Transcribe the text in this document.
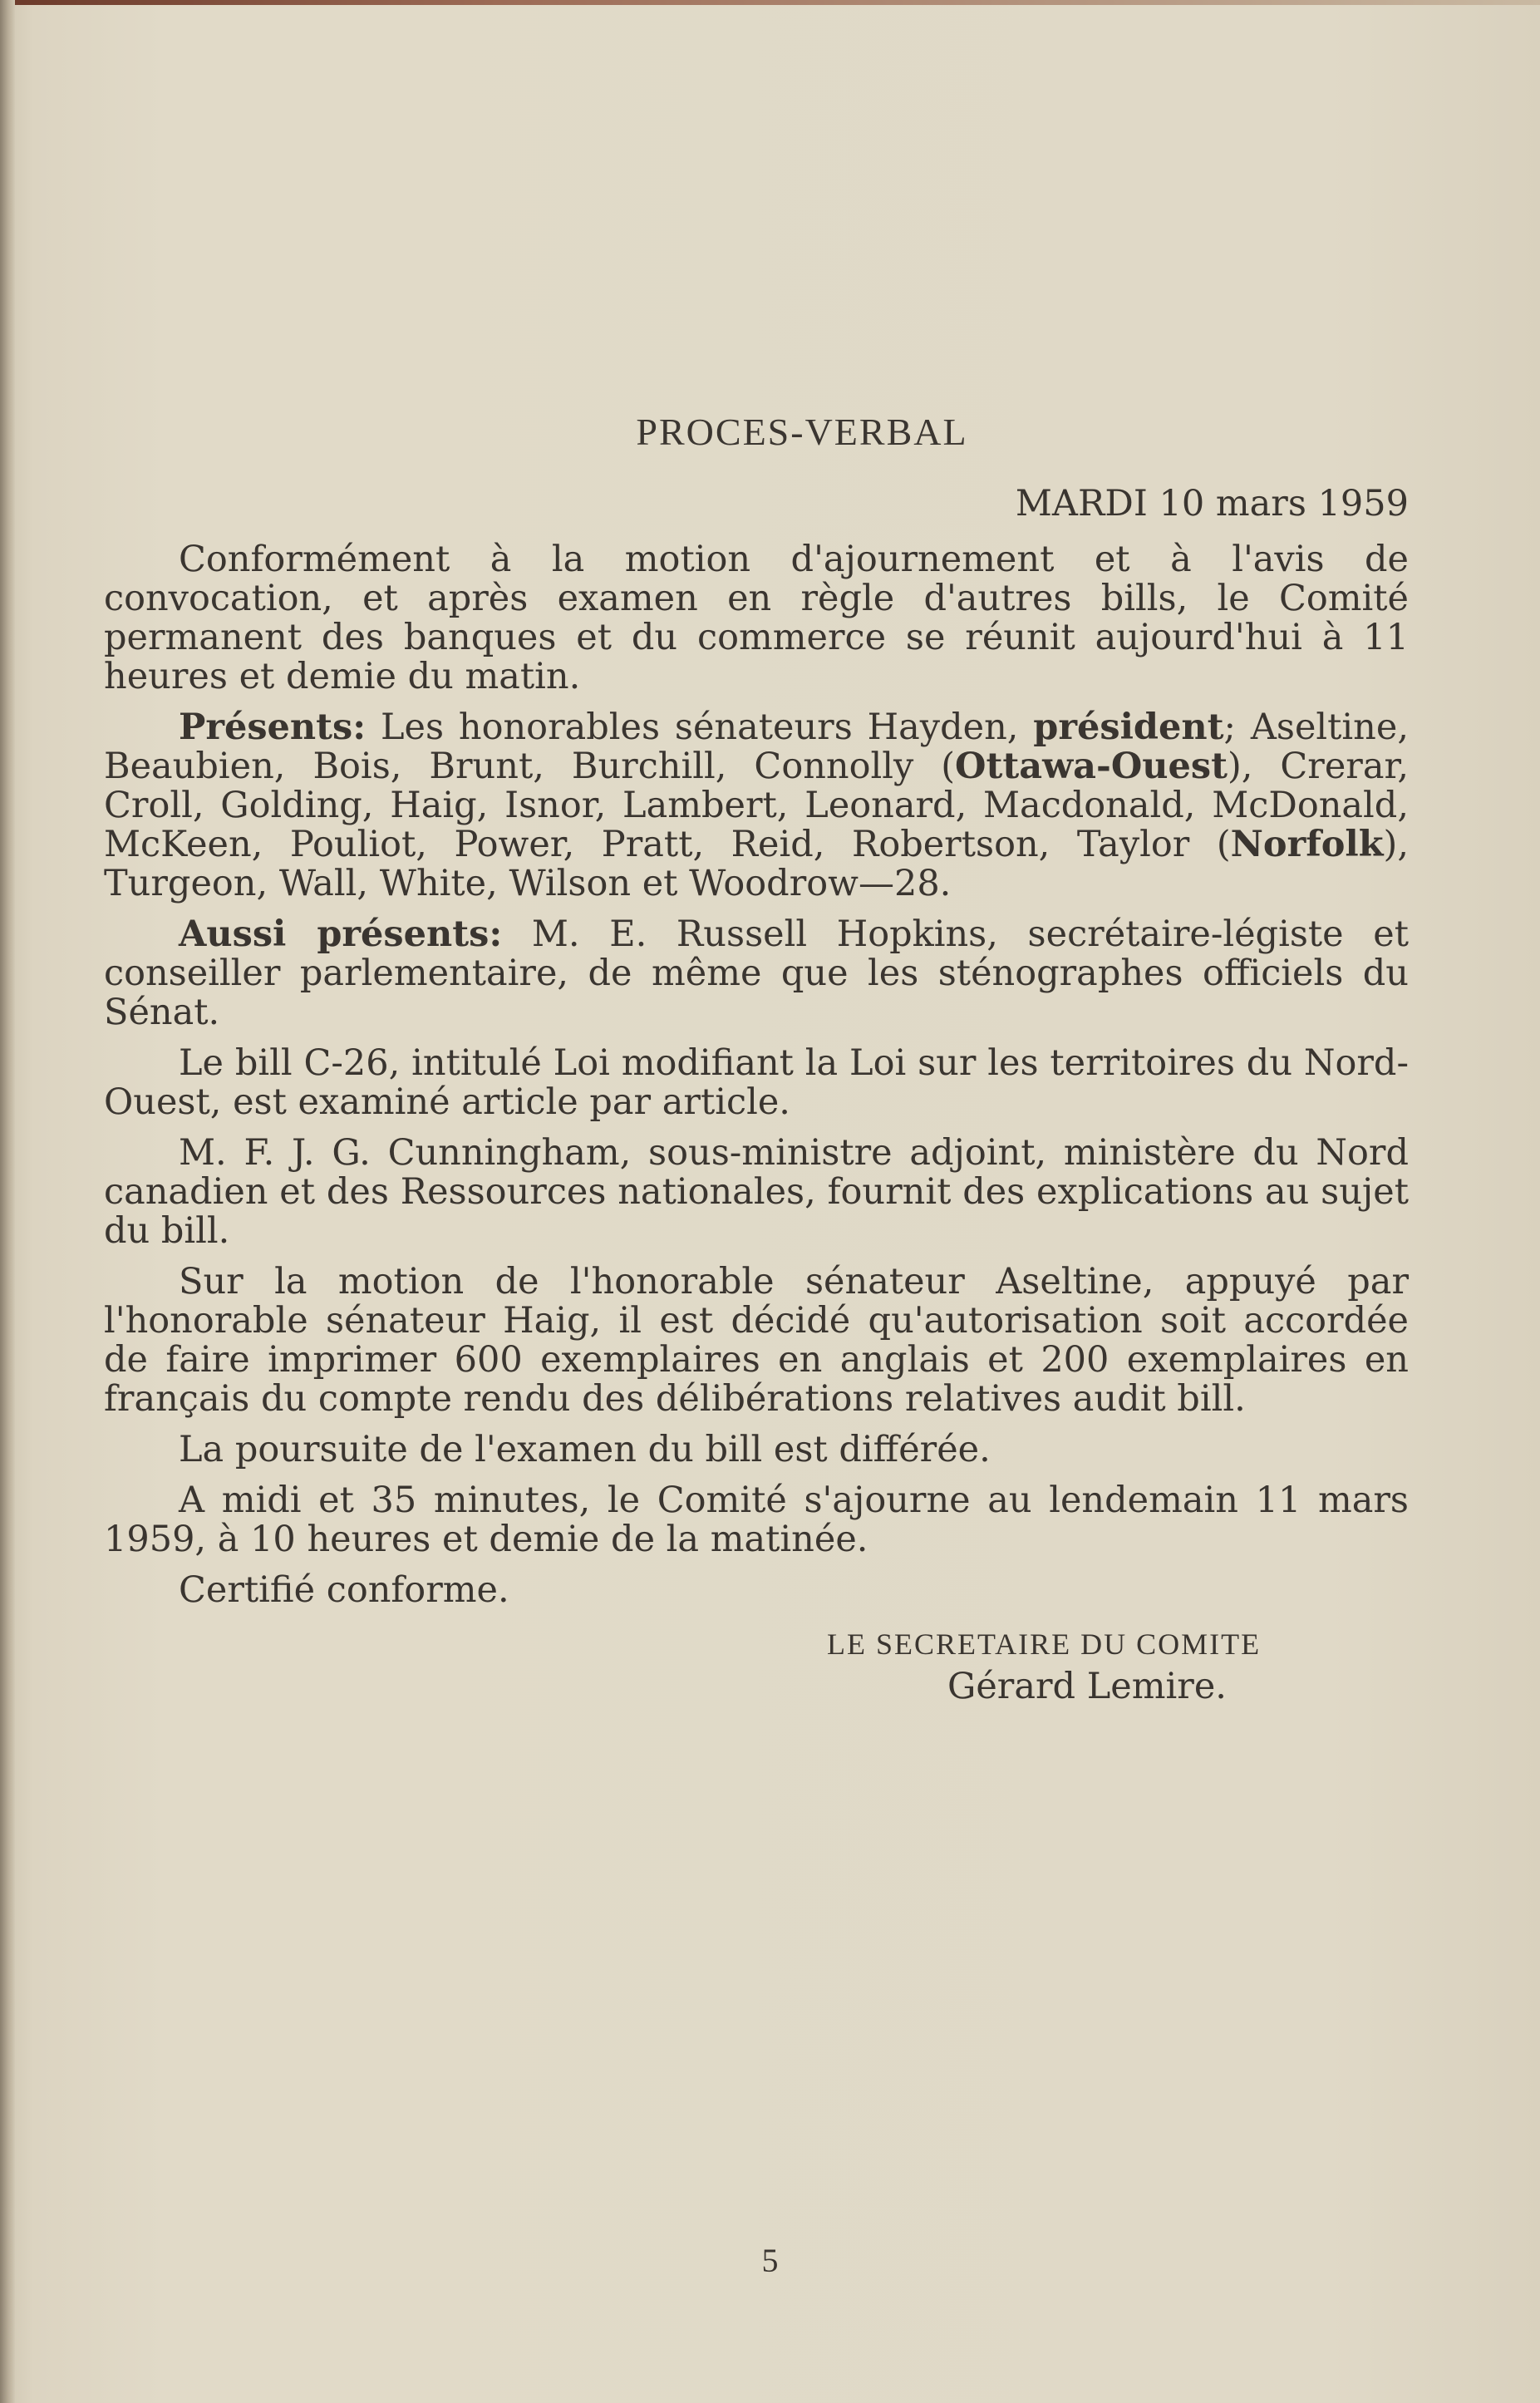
PROCES-VERBAL
MARDI 10 mars 1959

Conformément à la motion d'ajournement et à l'avis de convocation, et après examen en règle d'autres bills, le Comité permanent des banques et du commerce se réunit aujourd'hui à 11 heures et demie du matin.

Présents: Les honorables sénateurs Hayden, président; Aseltine, Beaubien, Bois, Brunt, Burchill, Connolly (Ottawa-Ouest), Crerar, Croll, Golding, Haig, Isnor, Lambert, Leonard, Macdonald, McDonald, McKeen, Pouliot, Power, Pratt, Reid, Robertson, Taylor (Norfolk), Turgeon, Wall, White, Wilson et Woodrow—28.

Aussi présents: M. E. Russell Hopkins, secrétaire-légiste et conseiller parlementaire, de même que les sténographes officiels du Sénat.

Le bill C-26, intitulé Loi modifiant la Loi sur les territoires du Nord-Ouest, est examiné article par article.

M. F. J. G. Cunningham, sous-ministre adjoint, ministère du Nord canadien et des Ressources nationales, fournit des explications au sujet du bill.

Sur la motion de l'honorable sénateur Aseltine, appuyé par l'honorable sénateur Haig, il est décidé qu'autorisation soit accordée de faire imprimer 600 exemplaires en anglais et 200 exemplaires en français du compte rendu des délibérations relatives audit bill.

La poursuite de l'examen du bill est différée.

A midi et 35 minutes, le Comité s'ajourne au lendemain 11 mars 1959, à 10 heures et demie de la matinée.

Certifié conforme.

LE SECRETAIRE DU COMITE
Gérard Lemire.
5
